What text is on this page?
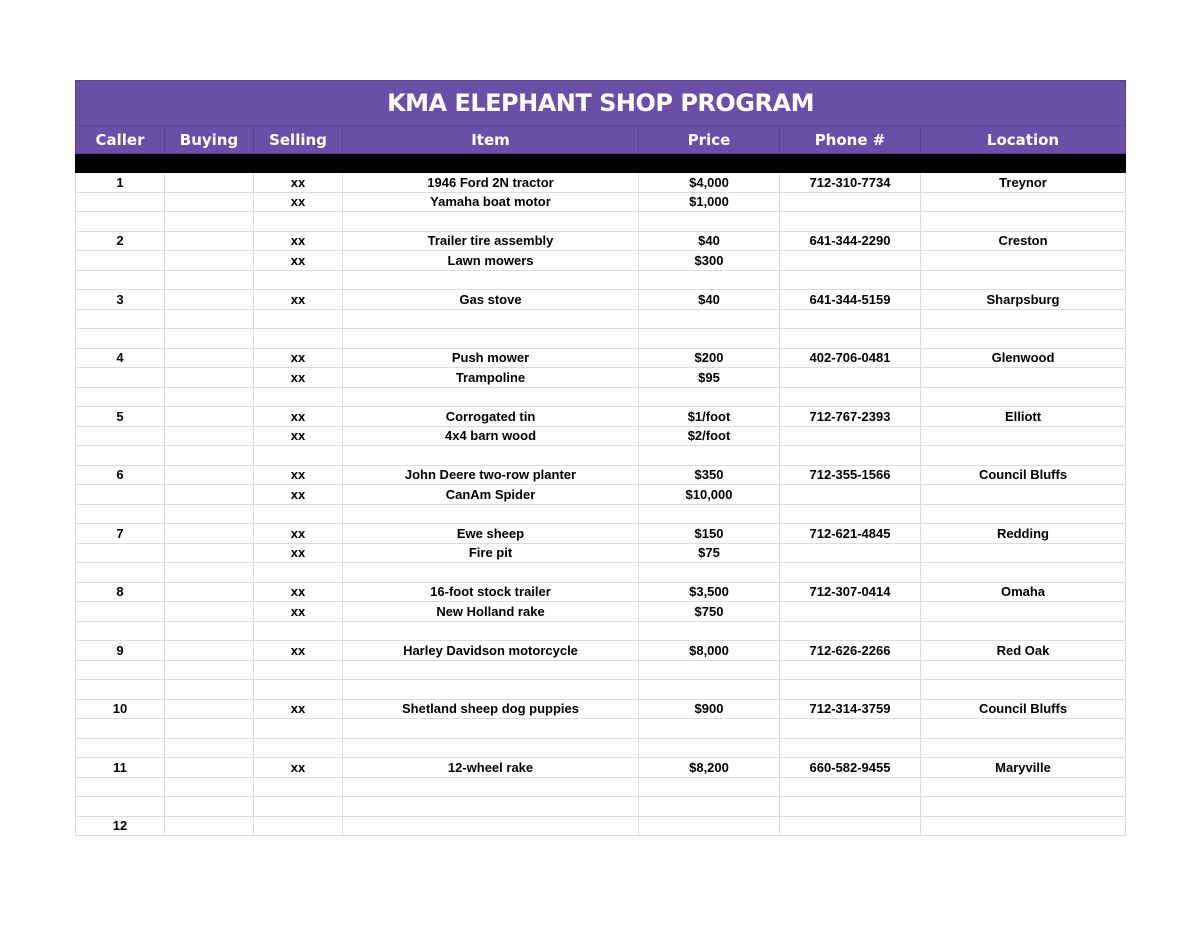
KMA ELEPHANT SHOP PROGRAM						
Caller	Buying	Selling	Item	Price	Phone #	Location

1		xx	1946 Ford 2N tractor	$4,000	712-310-7734	Treynor
		xx	Yamaha boat motor	$1,000		

2		xx	Trailer tire assembly	$40	641-344-2290	Creston
		xx	Lawn mowers	$300		

3		xx	Gas stove	$40	641-344-5159	Sharpsburg

4		xx	Push mower	$200	402-706-0481	Glenwood
		xx	Trampoline	$95		

5		xx	Corrogated tin	$1/foot	712-767-2393	Elliott
		xx	4x4 barn wood	$2/foot		

6		xx	John Deere two-row planter	$350	712-355-1566	Council Bluffs
		xx	CanAm Spider	$10,000		

7		xx	Ewe sheep	$150	712-621-4845	Redding
		xx	Fire pit	$75		

8		xx	16-foot stock trailer	$3,500	712-307-0414	Omaha
		xx	New Holland rake	$750		

9		xx	Harley Davidson motorcycle	$8,000	712-626-2266	Red Oak

10		xx	Shetland sheep dog puppies	$900	712-314-3759	Council Bluffs

11		xx	12-wheel rake	$8,200	660-582-9455	Maryville

12						
